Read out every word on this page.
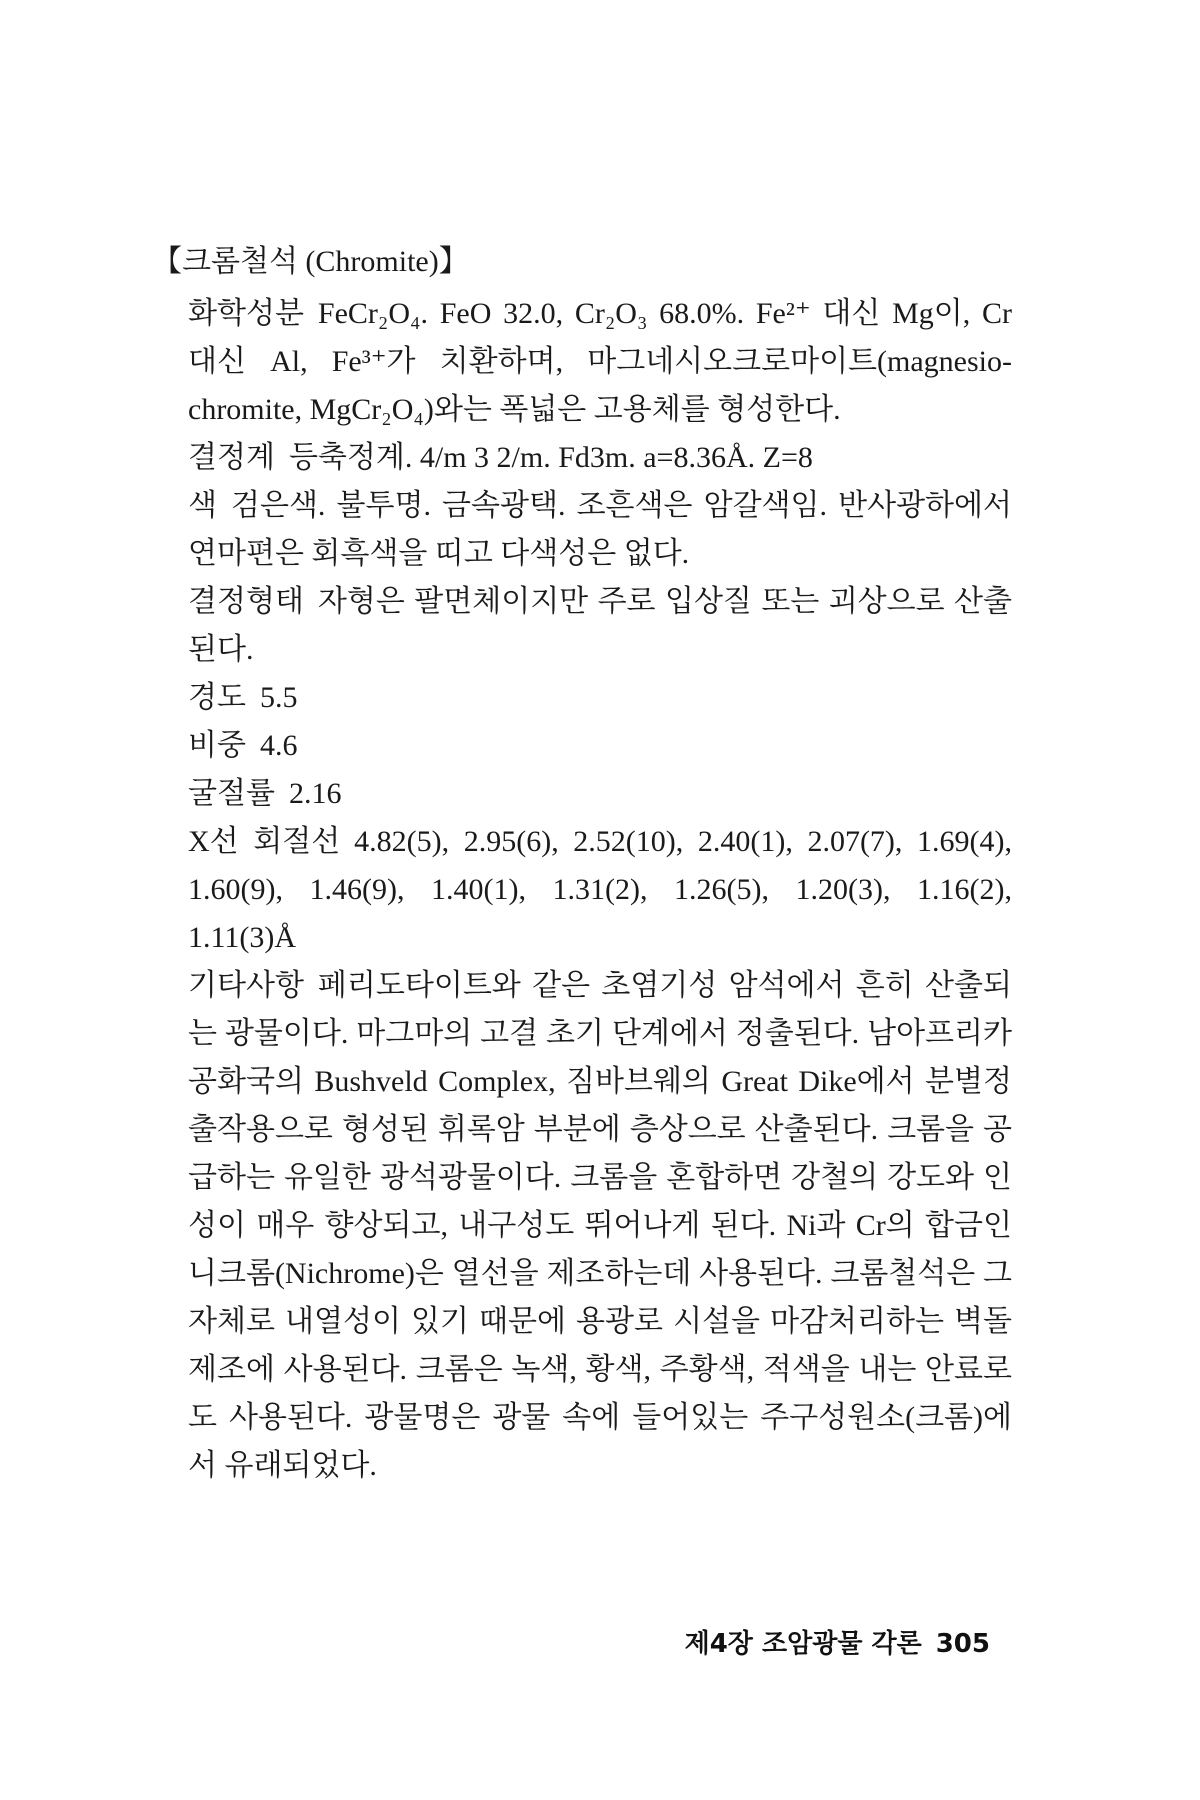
【크롬철석 (Chromite)】
화학성분 FeCr₂O₄. FeO 32.0, Cr₂O₃ 68.0%. Fe²⁺ 대신 Mg이, Cr 대신 Al, Fe³⁺가 치환하며, 마그네시오크로마이트(magnesio-chromite, MgCr₂O₄)와는 폭넓은 고용체를 형성한다.
결정계 등축정계. 4/m 3 2/m. Fd3m. a=8.36Å. Z=8
색 검은색. 불투명. 금속광택. 조흔색은 암갈색임. 반사광하에서 연마편은 회흑색을 띠고 다색성은 없다.
결정형태 자형은 팔면체이지만 주로 입상질 또는 괴상으로 산출된다.
경도 5.5
비중 4.6
굴절률 2.16
X선 회절선 4.82(5), 2.95(6), 2.52(10), 2.40(1), 2.07(7), 1.69(4), 1.60(9), 1.46(9), 1.40(1), 1.31(2), 1.26(5), 1.20(3), 1.16(2), 1.11(3)Å
기타사항 페리도타이트와 같은 초염기성 암석에서 흔히 산출되는 광물이다. 마그마의 고결 초기 단계에서 정출된다. 남아프리카 공화국의 Bushveld Complex, 짐바브웨의 Great Dike에서 분별정출작용으로 형성된 휘록암 부분에 층상으로 산출된다. 크롬을 공급하는 유일한 광석광물이다. 크롬을 혼합하면 강철의 강도와 인성이 매우 향상되고, 내구성도 뛰어나게 된다. Ni과 Cr의 합금인 니크롬(Nichrome)은 열선을 제조하는데 사용된다. 크롬철석은 그 자체로 내열성이 있기 때문에 용광로 시설을 마감처리하는 벽돌 제조에 사용된다. 크롬은 녹색, 황색, 주황색, 적색을 내는 안료로도 사용된다. 광물명은 광물 속에 들어있는 주구성원소(크롬)에서 유래되었다.
제4장 조암광물 각론 305
